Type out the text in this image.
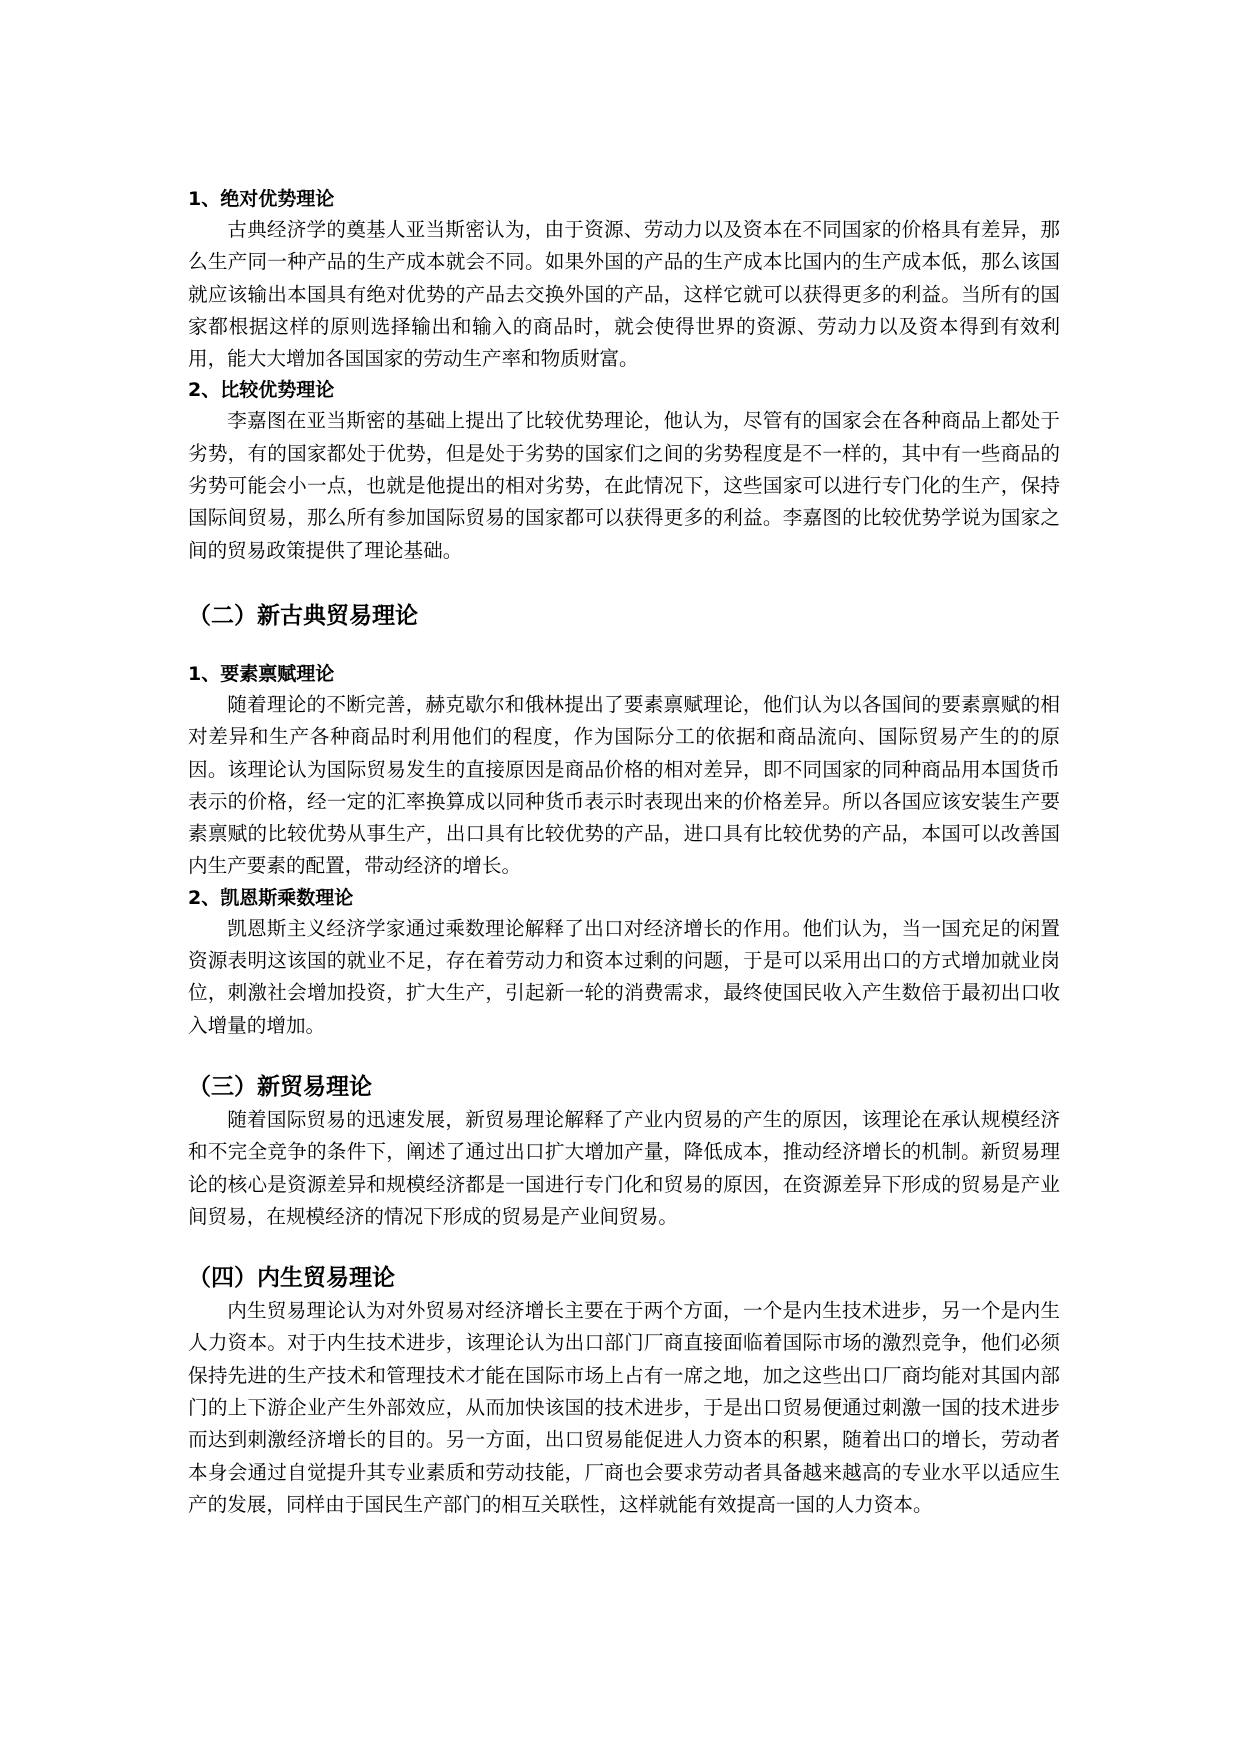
1、绝对优势理论

古典经济学的奠基人亚当斯密认为，由于资源、劳动力以及资本在不同国家的价格具有差异，那么生产同一种产品的生产成本就会不同。如果外国的产品的生产成本比国内的生产成本低，那么该国就应该输出本国具有绝对优势的产品去交换外国的产品，这样它就可以获得更多的利益。当所有的国家都根据这样的原则选择输出和输入的商品时，就会使得世界的资源、劳动力以及资本得到有效利用，能大大增加各国国家的劳动生产率和物质财富。

2、比较优势理论

李嘉图在亚当斯密的基础上提出了比较优势理论，他认为，尽管有的国家会在各种商品上都处于劣势，有的国家都处于优势，但是处于劣势的国家们之间的劣势程度是不一样的，其中有一些商品的劣势可能会小一点，也就是他提出的相对劣势，在此情况下，这些国家可以进行专门化的生产，保持国际间贸易，那么所有参加国际贸易的国家都可以获得更多的利益。李嘉图的比较优势学说为国家之间的贸易政策提供了理论基础。

（二）新古典贸易理论

1、要素禀赋理论

随着理论的不断完善，赫克歇尔和俄林提出了要素禀赋理论，他们认为以各国间的要素禀赋的相对差异和生产各种商品时利用他们的程度，作为国际分工的依据和商品流向、国际贸易产生的的原因。该理论认为国际贸易发生的直接原因是商品价格的相对差异，即不同国家的同种商品用本国货币表示的价格，经一定的汇率换算成以同种货币表示时表现出来的价格差异。所以各国应该安装生产要素禀赋的比较优势从事生产，出口具有比较优势的产品，进口具有比较优势的产品，本国可以改善国内生产要素的配置，带动经济的增长。

2、凯恩斯乘数理论

凯恩斯主义经济学家通过乘数理论解释了出口对经济增长的作用。他们认为，当一国充足的闲置资源表明这该国的就业不足，存在着劳动力和资本过剩的问题，于是可以采用出口的方式增加就业岗位，刺激社会增加投资，扩大生产，引起新一轮的消费需求，最终使国民收入产生数倍于最初出口收入增量的增加。

（三）新贸易理论

随着国际贸易的迅速发展，新贸易理论解释了产业内贸易的产生的原因，该理论在承认规模经济和不完全竞争的条件下，阐述了通过出口扩大增加产量，降低成本，推动经济增长的机制。新贸易理论的核心是资源差异和规模经济都是一国进行专门化和贸易的原因，在资源差异下形成的贸易是产业间贸易，在规模经济的情况下形成的贸易是产业间贸易。

（四）内生贸易理论

内生贸易理论认为对外贸易对经济增长主要在于两个方面，一个是内生技术进步，另一个是内生人力资本。对于内生技术进步，该理论认为出口部门厂商直接面临着国际市场的激烈竞争，他们必须保持先进的生产技术和管理技术才能在国际市场上占有一席之地，加之这些出口厂商均能对其国内部门的上下游企业产生外部效应，从而加快该国的技术进步，于是出口贸易便通过刺激一国的技术进步而达到刺激经济增长的目的。另一方面，出口贸易能促进人力资本的积累，随着出口的增长，劳动者本身会通过自觉提升其专业素质和劳动技能，厂商也会要求劳动者具备越来越高的专业水平以适应生产的发展，同样由于国民生产部门的相互关联性，这样就能有效提高一国的人力资本。
